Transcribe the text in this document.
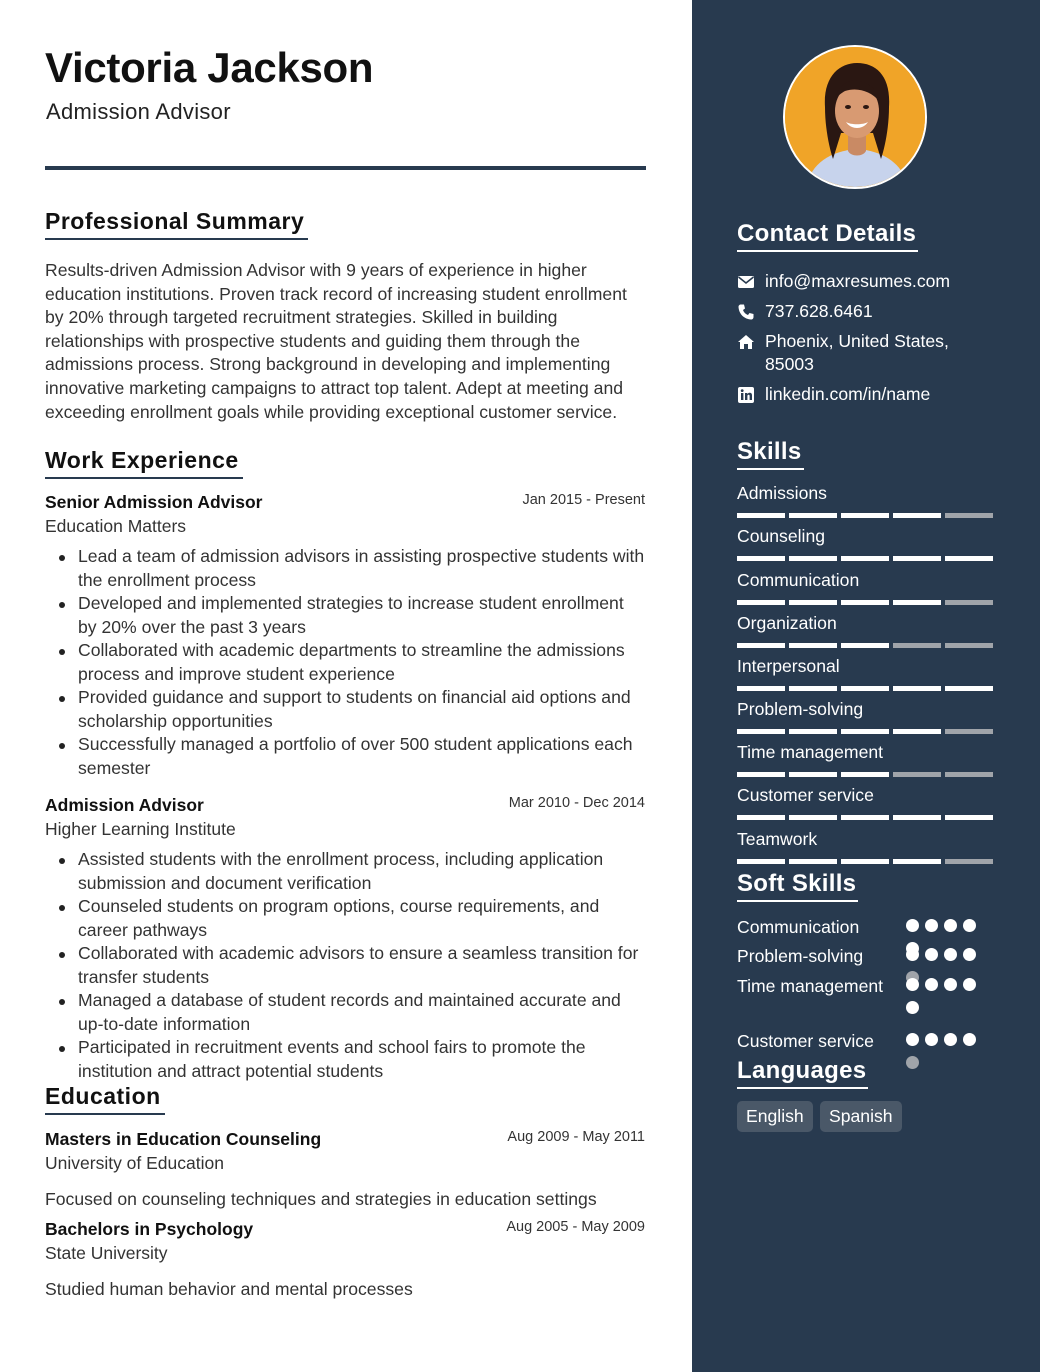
Victoria Jackson
Admission Advisor
Professional Summary
Results-driven Admission Advisor with 9 years of experience in higher education institutions. Proven track record of increasing student enrollment by 20% through targeted recruitment strategies. Skilled in building relationships with prospective students and guiding them through the admissions process. Strong background in developing and implementing innovative marketing campaigns to attract top talent. Adept at meeting and exceeding enrollment goals while providing exceptional customer service.
Work Experience
Senior Admission Advisor	Jan 2015 - Present
Education Matters
Lead a team of admission advisors in assisting prospective students with the enrollment process
Developed and implemented strategies to increase student enrollment by 20% over the past 3 years
Collaborated with academic departments to streamline the admissions process and improve student experience
Provided guidance and support to students on financial aid options and scholarship opportunities
Successfully managed a portfolio of over 500 student applications each semester
Admission Advisor	Mar 2010 - Dec 2014
Higher Learning Institute
Assisted students with the enrollment process, including application submission and document verification
Counseled students on program options, course requirements, and career pathways
Collaborated with academic advisors to ensure a seamless transition for transfer students
Managed a database of student records and maintained accurate and up-to-date information
Participated in recruitment events and school fairs to promote the institution and attract potential students
Education
Masters in Education Counseling	Aug 2009 - May 2011
University of Education
Focused on counseling techniques and strategies in education settings
Bachelors in Psychology	Aug 2005 - May 2009
State University
Studied human behavior and mental processes
Contact Details
info@maxresumes.com
737.628.6461
Phoenix, United States, 85003
linkedin.com/in/name
Skills
Admissions
Counseling
Communication
Organization
Interpersonal
Problem-solving
Time management
Customer service
Teamwork
Soft Skills
Communication
Problem-solving
Time management
Customer service
Languages
English	Spanish
